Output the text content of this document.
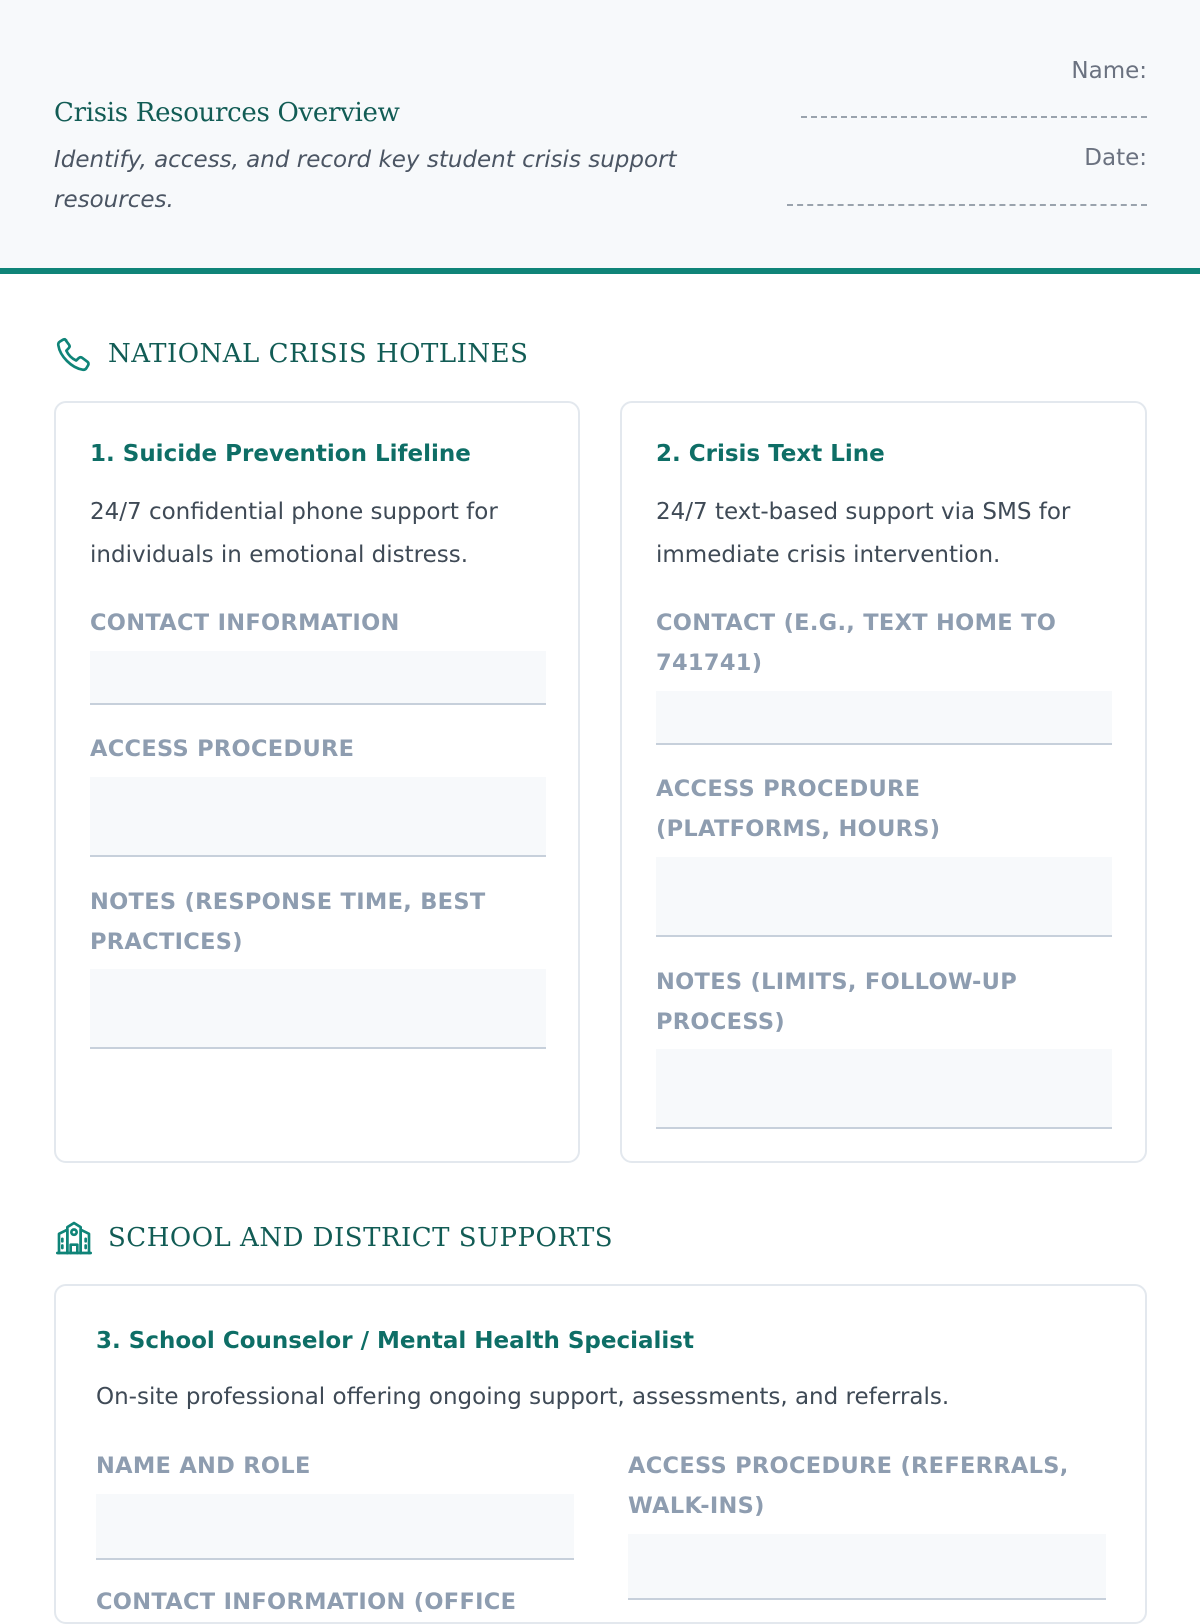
Crisis Resources Overview
Identify, access, and record key student crisis support resources.
Name:
Date:
NATIONAL CRISIS HOTLINES
1. Suicide Prevention Lifeline
24/7 confidential phone support for individuals in emotional distress.
CONTACT INFORMATION
ACCESS PROCEDURE
NOTES (RESPONSE TIME, BEST PRACTICES)
2. Crisis Text Line
24/7 text-based support via SMS for immediate crisis intervention.
CONTACT (E.G., TEXT HOME TO 741741)
ACCESS PROCEDURE (PLATFORMS, HOURS)
NOTES (LIMITS, FOLLOW-UP PROCESS)
SCHOOL AND DISTRICT SUPPORTS
3. School Counselor / Mental Health Specialist
On-site professional offering ongoing support, assessments, and referrals.
NAME AND ROLE
CONTACT INFORMATION (OFFICE
ACCESS PROCEDURE (REFERRALS, WALK-INS)
